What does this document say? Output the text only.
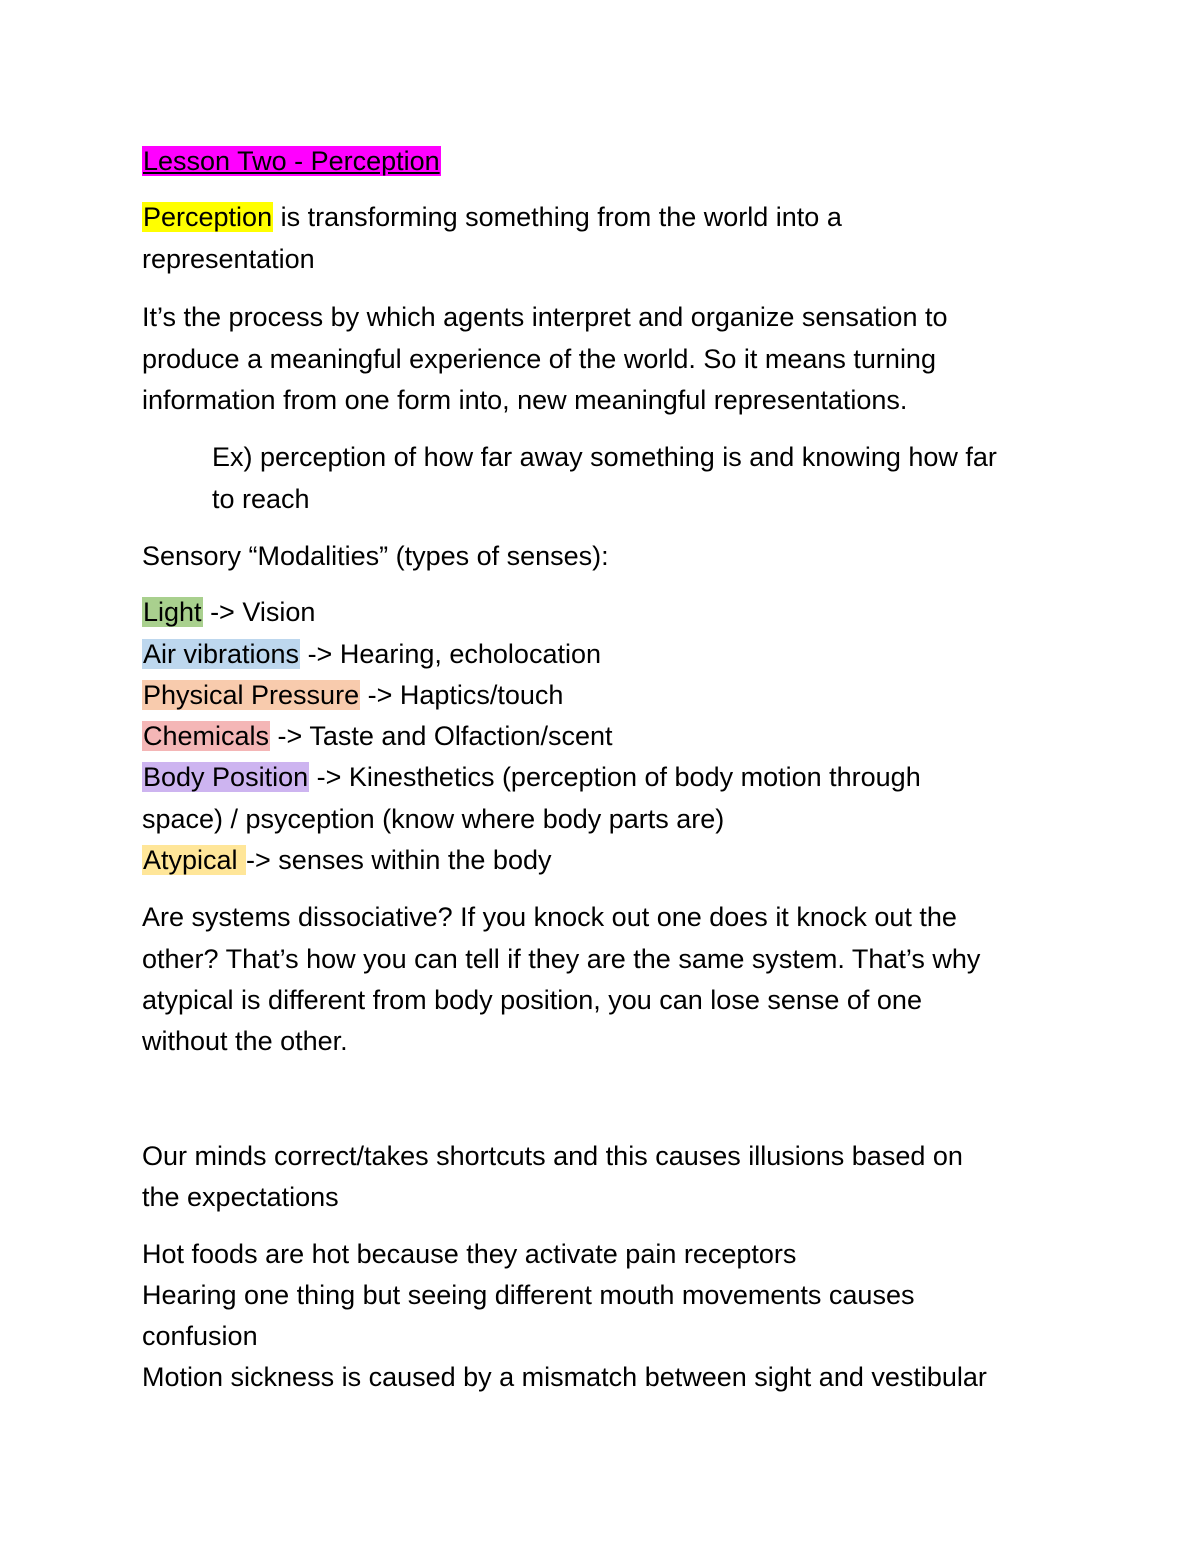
Lesson Two - Perception
Perception is transforming something from the world into a
representation
It’s the process by which agents interpret and organize sensation to
produce a meaningful experience of the world. So it means turning
information from one form into, new meaningful representations.
Ex) perception of how far away something is and knowing how far
to reach
Sensory “Modalities” (types of senses):
Light -> Vision
Air vibrations -> Hearing, echolocation
Physical Pressure -> Haptics/touch
Chemicals -> Taste and Olfaction/scent
Body Position -> Kinesthetics (perception of body motion through
space) / psyception (know where body parts are)
Atypical -> senses within the body
Are systems dissociative? If you knock out one does it knock out the
other? That’s how you can tell if they are the same system. That’s why
atypical is different from body position, you can lose sense of one
without the other.
Our minds correct/takes shortcuts and this causes illusions based on
the expectations
Hot foods are hot because they activate pain receptors
Hearing one thing but seeing different mouth movements causes
confusion
Motion sickness is caused by a mismatch between sight and vestibular
